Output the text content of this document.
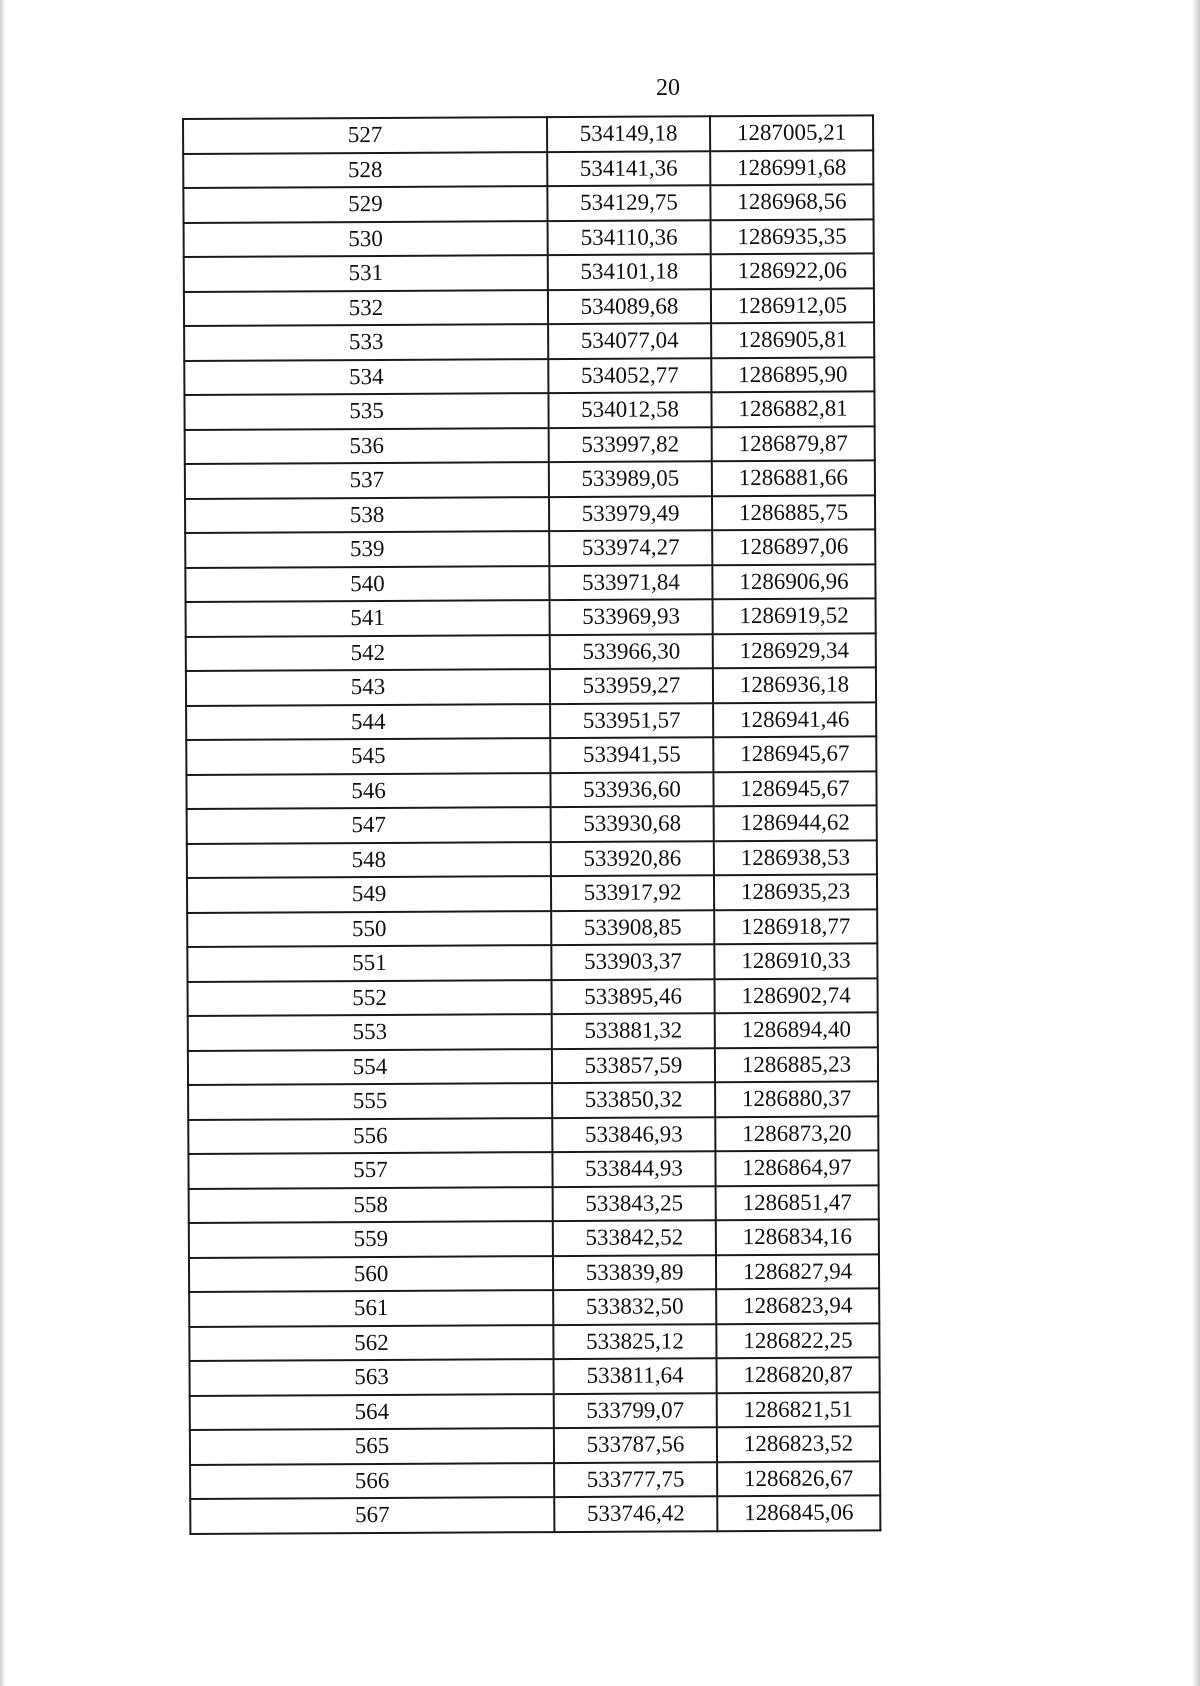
20
527	534149,18	1287005,21
528	534141,36	1286991,68
529	534129,75	1286968,56
530	534110,36	1286935,35
531	534101,18	1286922,06
532	534089,68	1286912,05
533	534077,04	1286905,81
534	534052,77	1286895,90
535	534012,58	1286882,81
536	533997,82	1286879,87
537	533989,05	1286881,66
538	533979,49	1286885,75
539	533974,27	1286897,06
540	533971,84	1286906,96
541	533969,93	1286919,52
542	533966,30	1286929,34
543	533959,27	1286936,18
544	533951,57	1286941,46
545	533941,55	1286945,67
546	533936,60	1286945,67
547	533930,68	1286944,62
548	533920,86	1286938,53
549	533917,92	1286935,23
550	533908,85	1286918,77
551	533903,37	1286910,33
552	533895,46	1286902,74
553	533881,32	1286894,40
554	533857,59	1286885,23
555	533850,32	1286880,37
556	533846,93	1286873,20
557	533844,93	1286864,97
558	533843,25	1286851,47
559	533842,52	1286834,16
560	533839,89	1286827,94
561	533832,50	1286823,94
562	533825,12	1286822,25
563	533811,64	1286820,87
564	533799,07	1286821,51
565	533787,56	1286823,52
566	533777,75	1286826,67
567	533746,42	1286845,06
